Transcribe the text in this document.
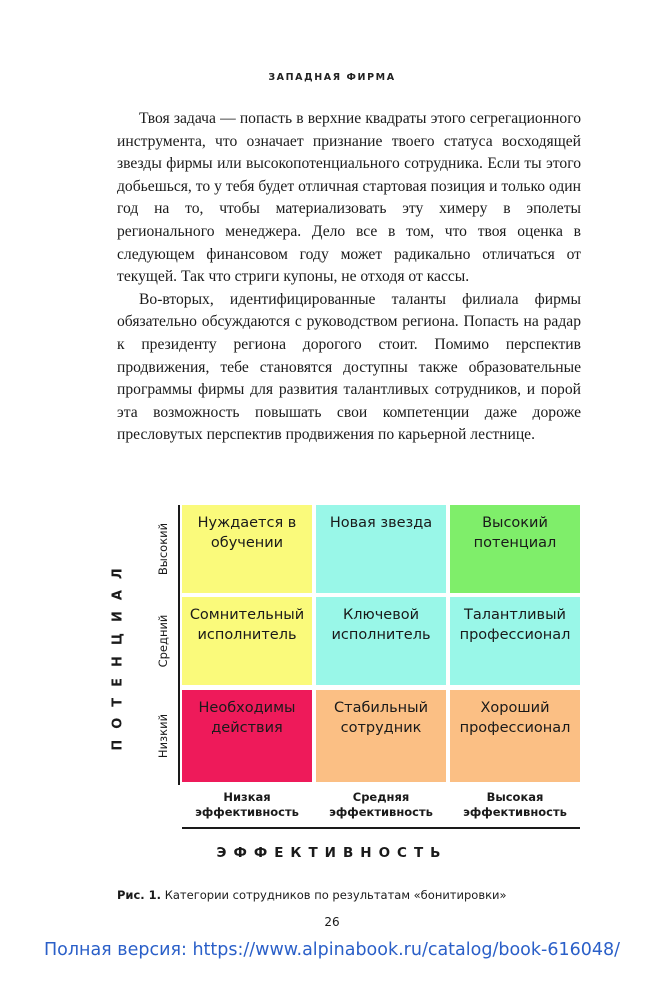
ЗАПАДНАЯ ФИРМА

Твоя задача — попасть в верхние квадраты этого сегрегационного инструмента, что означает признание твоего статуса восходящей звезды фирмы или высокопотенциального сотрудника. Если ты этого добьешься, то у тебя будет отличная стартовая позиция и только один год на то, чтобы материализовать эту химеру в эполеты регионального менеджера. Дело все в том, что твоя оценка в следующем финансовом году может радикально отличаться от текущей. Так что стриги купоны, не отходя от кассы.

Во-вторых, идентифицированные таланты филиала фирмы обязательно обсуждаются с руководством региона. Попасть на радар к президенту региона дорогого стоит. Помимо перспектив продвижения, тебе становятся доступны также образовательные программы фирмы для развития талантливых сотрудников, и порой эта возможность повышать свои компетенции даже дороже пресловутых перспектив продвижения по карьерной лестнице.

ПОТЕНЦИАЛ
Высокий
Средний
Низкий
Нуждается в обучении
Новая звезда	Высокий потенциал
Сомнительный исполнитель
Ключевой исполнитель
Талантливый профессионал
Необходимы действия
Стабильный сотрудник
Хороший профессионал
Низкая эффективность
Средняя эффективность
Высокая эффективность
ЭФФЕКТИВНОСТЬ
Рис. 1. Категории сотрудников по результатам «бонитировки»
26
Полная версия: https://www.alpinabook.ru/catalog/book-616048/
